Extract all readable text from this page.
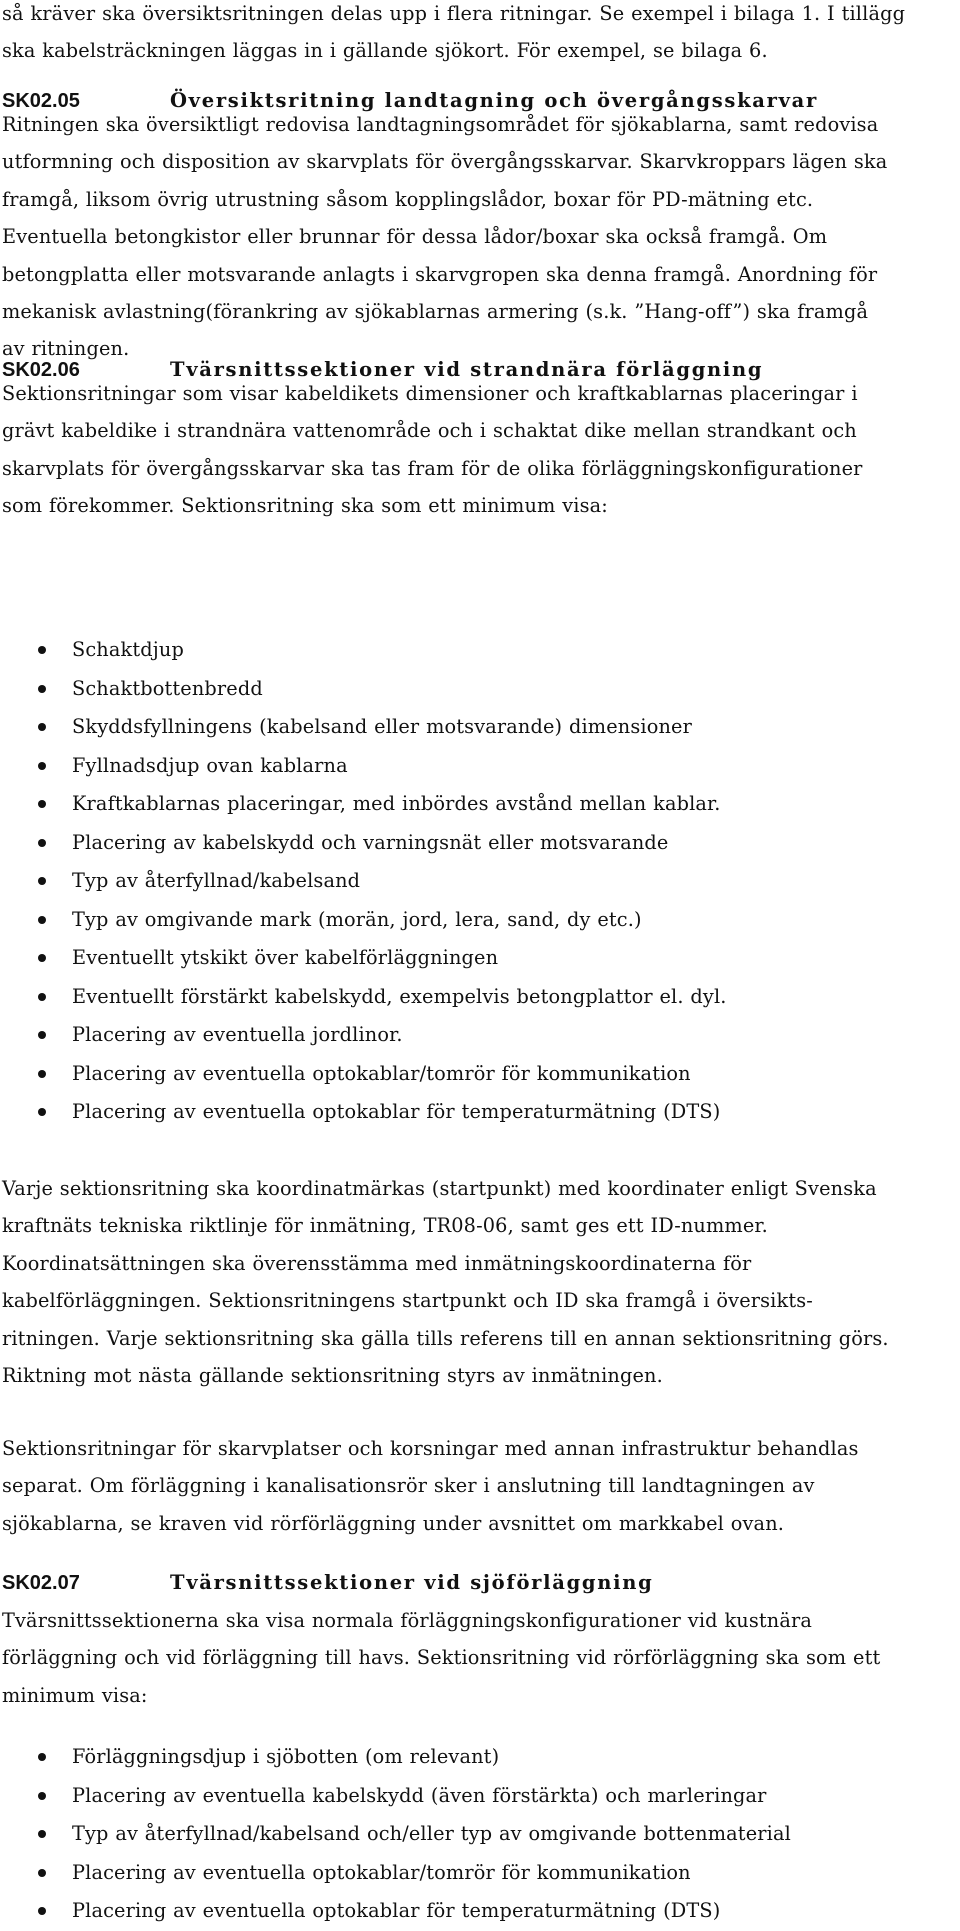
så kräver ska översiktsritningen delas upp i flera ritningar. Se exempel i bilaga 1. I tillägg

ska kabelsträckningen läggas in i gällande sjökort. För exempel, se bilaga 6.

SK02.05	Översiktsritning landtagning och övergångsskarvar

Ritningen ska översiktligt redovisa landtagningsområdet för sjökablarna, samt redovisa

utformning och disposition av skarvplats för övergångsskarvar. Skarvkroppars lägen ska

framgå, liksom övrig utrustning såsom kopplingslådor, boxar för PD-mätning etc.

Eventuella betongkistor eller brunnar för dessa lådor/boxar ska också framgå. Om

betongplatta eller motsvarande anlagts i skarvgropen ska denna framgå. Anordning för

mekanisk avlastning(förankring av sjökablarnas armering (s.k. ”Hang-off”) ska framgå

av ritningen.

SK02.06	Tvärsnittssektioner vid strandnära förläggning

Sektionsritningar som visar kabeldikets dimensioner och kraftkablarnas placeringar i

grävt kabeldike i strandnära vattenområde och i schaktat dike mellan strandkant och

skarvplats för övergångsskarvar ska tas fram för de olika förläggningskonfigurationer

som förekommer. Sektionsritning ska som ett minimum visa:

Schaktdjup
Schaktbottenbredd
Skyddsfyllningens (kabelsand eller motsvarande) dimensioner
Fyllnadsdjup ovan kablarna
Kraftkablarnas placeringar, med inbördes avstånd mellan kablar.
Placering av kabelskydd och varningsnät eller motsvarande
Typ av återfyllnad/kabelsand
Typ av omgivande mark (morän, jord, lera, sand, dy etc.)
Eventuellt ytskikt över kabelförläggningen
Eventuellt förstärkt kabelskydd, exempelvis betongplattor el. dyl.
Placering av eventuella jordlinor.
Placering av eventuella optokablar/tomrör för kommunikation
Placering av eventuella optokablar för temperaturmätning (DTS)

Varje sektionsritning ska koordinatmärkas (startpunkt) med koordinater enligt Svenska

kraftnäts tekniska riktlinje för inmätning, TR08-06, samt ges ett ID-nummer.

Koordinatsättningen ska överensstämma med inmätningskoordinaterna för

kabelförläggningen. Sektionsritningens startpunkt och ID ska framgå i översikts-

ritningen. Varje sektionsritning ska gälla tills referens till en annan sektionsritning görs.

Riktning mot nästa gällande sektionsritning styrs av inmätningen.

Sektionsritningar för skarvplatser och korsningar med annan infrastruktur behandlas

separat. Om förläggning i kanalisationsrör sker i anslutning till landtagningen av

sjökablarna, se kraven vid rörförläggning under avsnittet om markkabel ovan.

SK02.07	Tvärsnittssektioner vid sjöförläggning

Tvärsnittssektionerna ska visa normala förläggningskonfigurationer vid kustnära

förläggning och vid förläggning till havs. Sektionsritning vid rörförläggning ska som ett

minimum visa:

Förläggningsdjup i sjöbotten (om relevant)
Placering av eventuella kabelskydd (även förstärkta) och marleringar
Typ av återfyllnad/kabelsand och/eller typ av omgivande bottenmaterial
Placering av eventuella optokablar/tomrör för kommunikation
Placering av eventuella optokablar för temperaturmätning (DTS)
